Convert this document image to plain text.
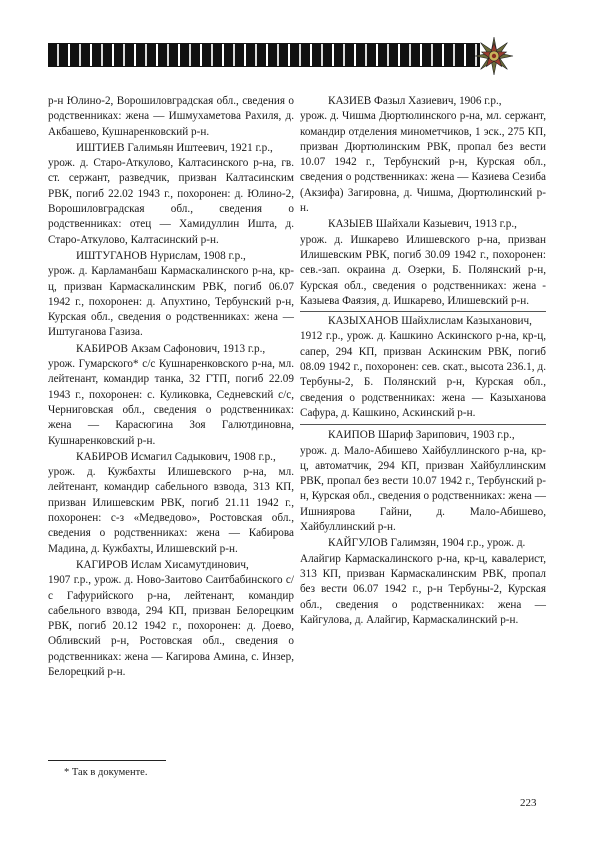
р-н Юлино-2, Ворошиловградская обл., сведения о родственниках: жена — Ишмухаметова Рахиля, д. Акбашево, Кушнаренковский р-н.
ИШТИЕВ Галимьян Иштеевич, 1921 г.р.,
урож. д. Старо-Аткулово, Калтасинского р-на, гв. ст. сержант, разведчик, призван Калтасинским РВК, погиб 22.02 1943 г., похоронен: д. Юлино-2, Ворошиловградская обл., сведения о родственниках: отец — Хамидуллин Ишта, д. Старо-Аткулово, Калтасинский р-н.
ИШТУГАНОВ Нурислам, 1908 г.р.,
урож. д. Карламанбаш Кармаскалинского р-на, кр-ц, призван Кармаскалинским РВК, погиб 06.07 1942 г., похоронен: д. Апухтино, Тербунский р-н, Курская обл., сведения о родственниках: жена — Иштуганова Газиза.
КАБИРОВ Акзам Сафонович, 1913 г.р.,
урож. Гумарского* с/с Кушнаренковского р-на, мл. лейтенант, командир танка, 32 ГТП, погиб 22.09 1943 г., похоронен: с. Куликовка, Седневский с/с, Черниговская обл., сведения о родственниках: жена — Карасюгина Зоя Галютдиновна, Кушнаренковский р-н.
КАБИРОВ Исмагил Садыкович, 1908 г.р.,
урож. д. Кужбахты Илишевского р-на, мл. лейтенант, командир сабельного взвода, 313 КП, призван Илишевским РВК, погиб 21.11 1942 г., похоронен: с-з «Медведово», Ростовская обл., сведения о родственниках: жена — Кабирова Мадина, д. Кужбахты, Илишевский р-н.
КАГИРОВ Ислам Хисамутдинович,
1907 г.р., урож. д. Ново-Заитово Саитбабинского с/с Гафурийского р-на, лейтенант, командир сабельного взвода, 294 КП, призван Белорецким РВК, погиб 20.12 1942 г., похоронен: д. Доево, Обливский р-н, Ростовская обл., сведения о родственниках: жена — Кагирова Амина, с. Инзер, Белорецкий р-н.
КАЗИЕВ Фазыл Хазиевич, 1906 г.р.,
урож. д. Чишма Дюртюлинского р-на, мл. сержант, командир отделения минометчиков, 1 эск., 275 КП, призван Дюртюлинским РВК, пропал без вести 10.07 1942 г., Тербунский р-н, Курская обл., сведения о родственниках: жена — Казиева Сезиба (Акзифа) Загировна, д. Чишма, Дюртюлинский р-н.
КАЗЫЕВ Шайхали Казыевич, 1913 г.р.,
урож. д. Ишкарево Илишевского р-на, призван Илишевским РВК, погиб 30.09 1942 г., похоронен: сев.-зап. окраина д. Озерки, Б. Полянский р-н, Курская обл., сведения о родственниках: жена - Казыева Фаязия, д. Ишкарево, Илишевский р-н.
КАЗЫХАНОВ Шайхлислам Казыханович,
1912 г.р., урож. д. Кашкино Аскинского р-на, кр-ц, сапер, 294 КП, призван Аскинским РВК, погиб 08.09 1942 г., похоронен: сев. скат., высота 236.1, д. Тербуны-2, Б. Полянский р-н, Курская обл., сведения о родственниках: жена — Казыханова Сафура, д. Кашкино, Аскинский р-н.
КАИПОВ Шариф Зарипович, 1903 г.р.,
урож. д. Мало-Абишево Хайбуллинского р-на, кр-ц, автоматчик, 294 КП, призван Хайбуллинским РВК, пропал без вести 10.07 1942 г., Тербунский р-н, Курская обл., сведения о родственниках: жена — Ишниярова Гайни, д. Мало-Абишево, Хайбуллинский р-н.
КАЙГУЛОВ Галимзян, 1904 г.р., урож. д.
Алайгир Кармаскалинского р-на, кр-ц, кавалерист, 313 КП, призван Кармаскалинским РВК, пропал без вести 06.07 1942 г., р-н Тербуны-2, Курская обл., сведения о родственниках: жена — Кайгулова, д. Алайгир, Кармаскалинский р-н.
* Так в документе.
223
